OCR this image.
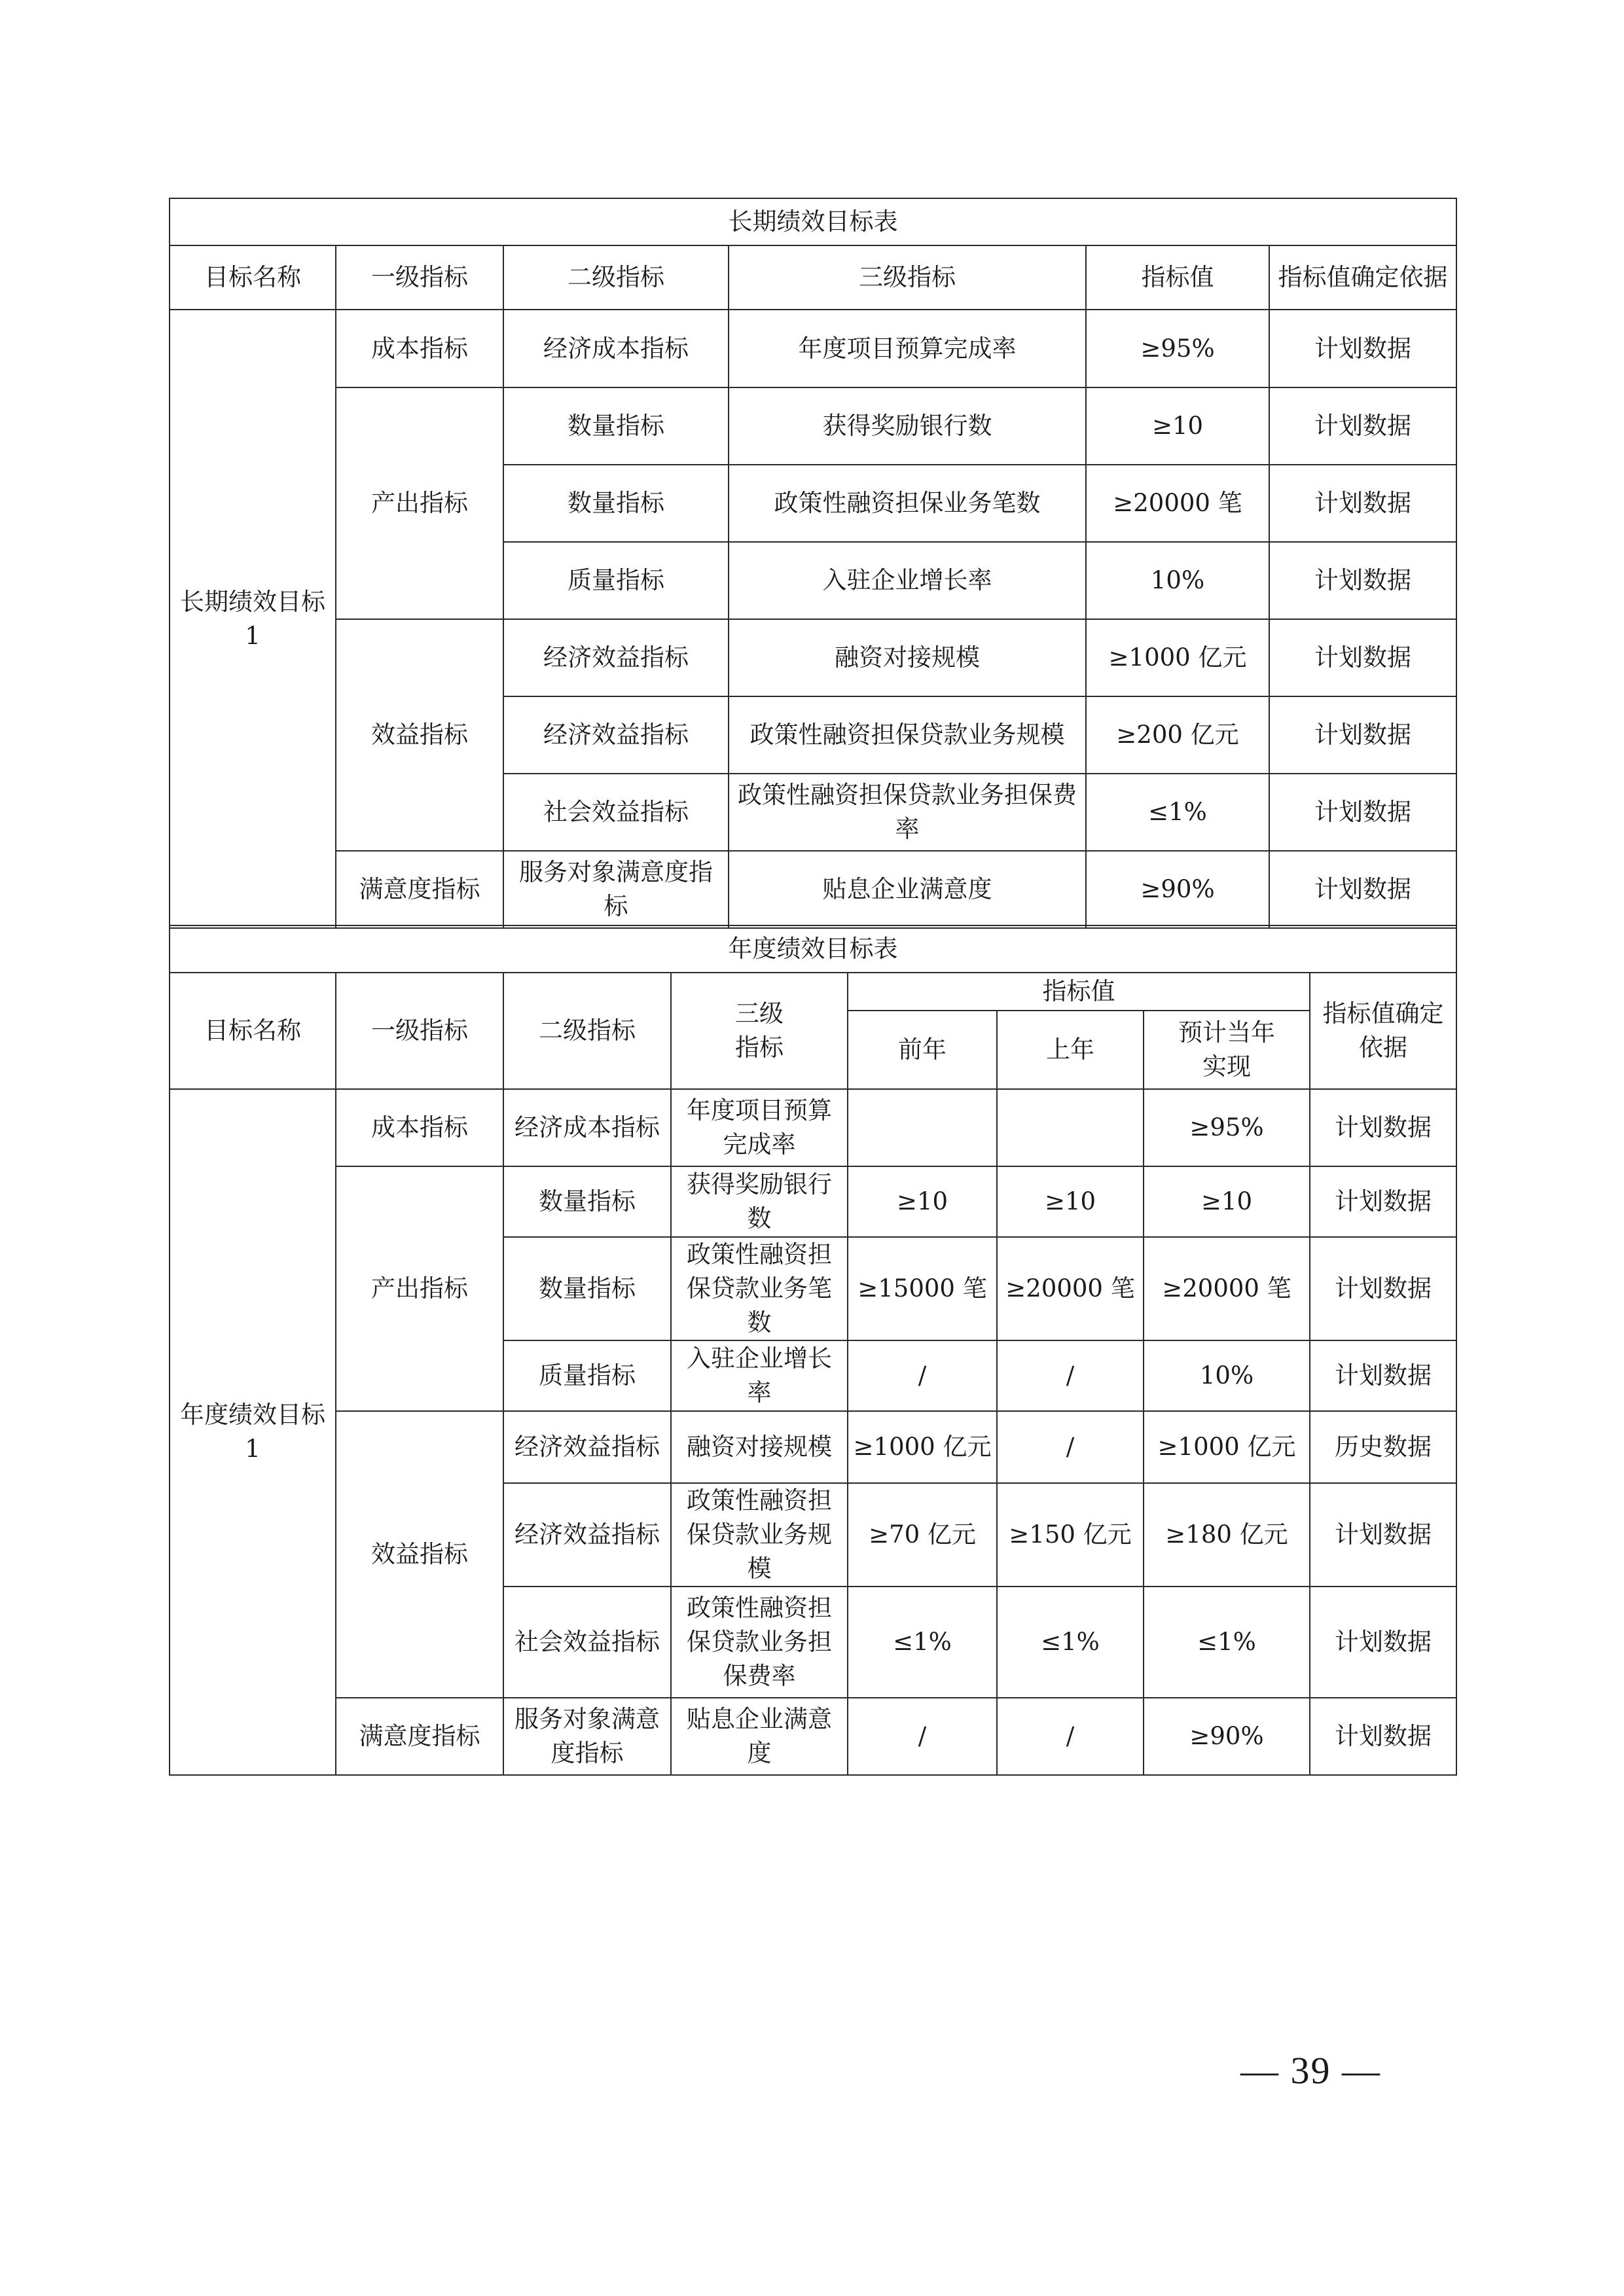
长期绩效目标表					
目标名称	一级指标	二级指标	三级指标	指标值	指标值确定依据
长期绩效目标1	成本指标	经济成本指标	年度项目预算完成率	≥95%	计划数据
	产出指标	数量指标	获得奖励银行数	≥10	计划数据
		数量指标	政策性融资担保业务笔数	≥20000 笔	计划数据
		质量指标	入驻企业增长率	10%	计划数据
	效益指标	经济效益指标	融资对接规模	≥1000 亿元	计划数据
		经济效益指标	政策性融资担保贷款业务规模	≥200 亿元	计划数据
		社会效益指标	政策性融资担保贷款业务担保费率	≤1%	计划数据
	满意度指标	服务对象满意度指标	贴息企业满意度	≥90%	计划数据
年度绩效目标表							
目标名称	一级指标	二级指标	三级指标	指标值			指标值确定依据
				前年	上年	预计当年实现	
年度绩效目标1	成本指标	经济成本指标	年度项目预算完成率			≥95%	计划数据
	产出指标	数量指标	获得奖励银行数	≥10	≥10	≥10	计划数据
		数量指标	政策性融资担保贷款业务笔数	≥15000 笔	≥20000 笔	≥20000 笔	计划数据
		质量指标	入驻企业增长率	/	/	10%	计划数据
	效益指标	经济效益指标	融资对接规模	≥1000 亿元	/	≥1000 亿元	历史数据
		经济效益指标	政策性融资担保贷款业务规模	≥70 亿元	≥150 亿元	≥180 亿元	计划数据
		社会效益指标	政策性融资担保贷款业务担保费率	≤1%	≤1%	≤1%	计划数据
	满意度指标	服务对象满意度指标	贴息企业满意度	/	/	≥90%	计划数据
— 39 —
